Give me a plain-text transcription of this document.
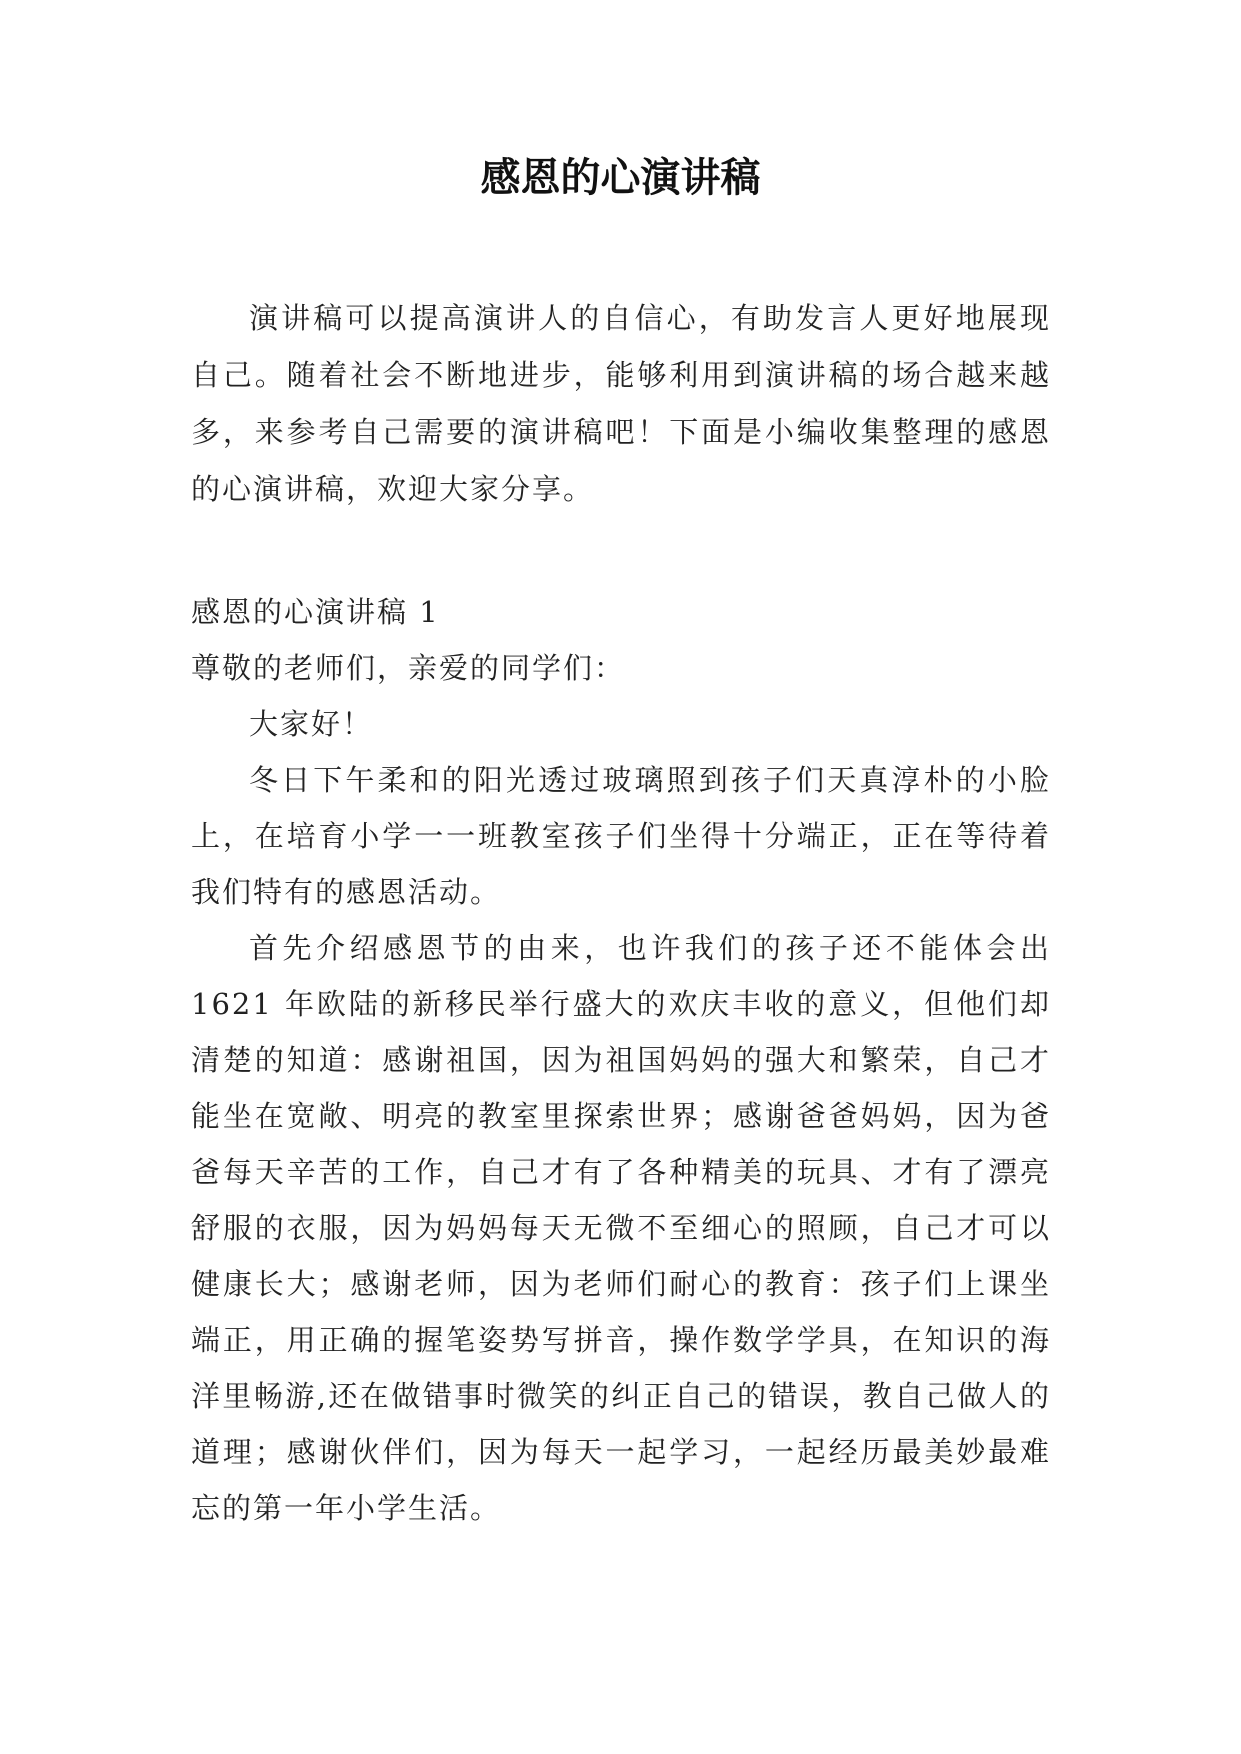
感恩的心演讲稿

演讲稿可以提高演讲人的自信心，有助发言人更好地展现自己。随着社会不断地进步，能够利用到演讲稿的场合越来越多，来参考自己需要的演讲稿吧！下面是小编收集整理的感恩的心演讲稿，欢迎大家分享。

感恩的心演讲稿 1

尊敬的老师们，亲爱的同学们：

大家好！

冬日下午柔和的阳光透过玻璃照到孩子们天真淳朴的小脸上，在培育小学一一班教室孩子们坐得十分端正，正在等待着我们特有的感恩活动。

首先介绍感恩节的由来，也许我们的孩子还不能体会出 1621 年欧陆的新移民举行盛大的欢庆丰收的意义，但他们却清楚的知道：感谢祖国，因为祖国妈妈的强大和繁荣，自己才能坐在宽敞、明亮的教室里探索世界；感谢爸爸妈妈，因为爸爸每天辛苦的工作，自己才有了各种精美的玩具、才有了漂亮舒服的衣服，因为妈妈每天无微不至细心的照顾，自己才可以健康长大；感谢老师，因为老师们耐心的教育：孩子们上课坐端正，用正确的握笔姿势写拼音，操作数学学具，在知识的海洋里畅游,还在做错事时微笑的纠正自己的错误，教自己做人的道理；感谢伙伴们，因为每天一起学习，一起经历最美妙最难忘的第一年小学生活。
